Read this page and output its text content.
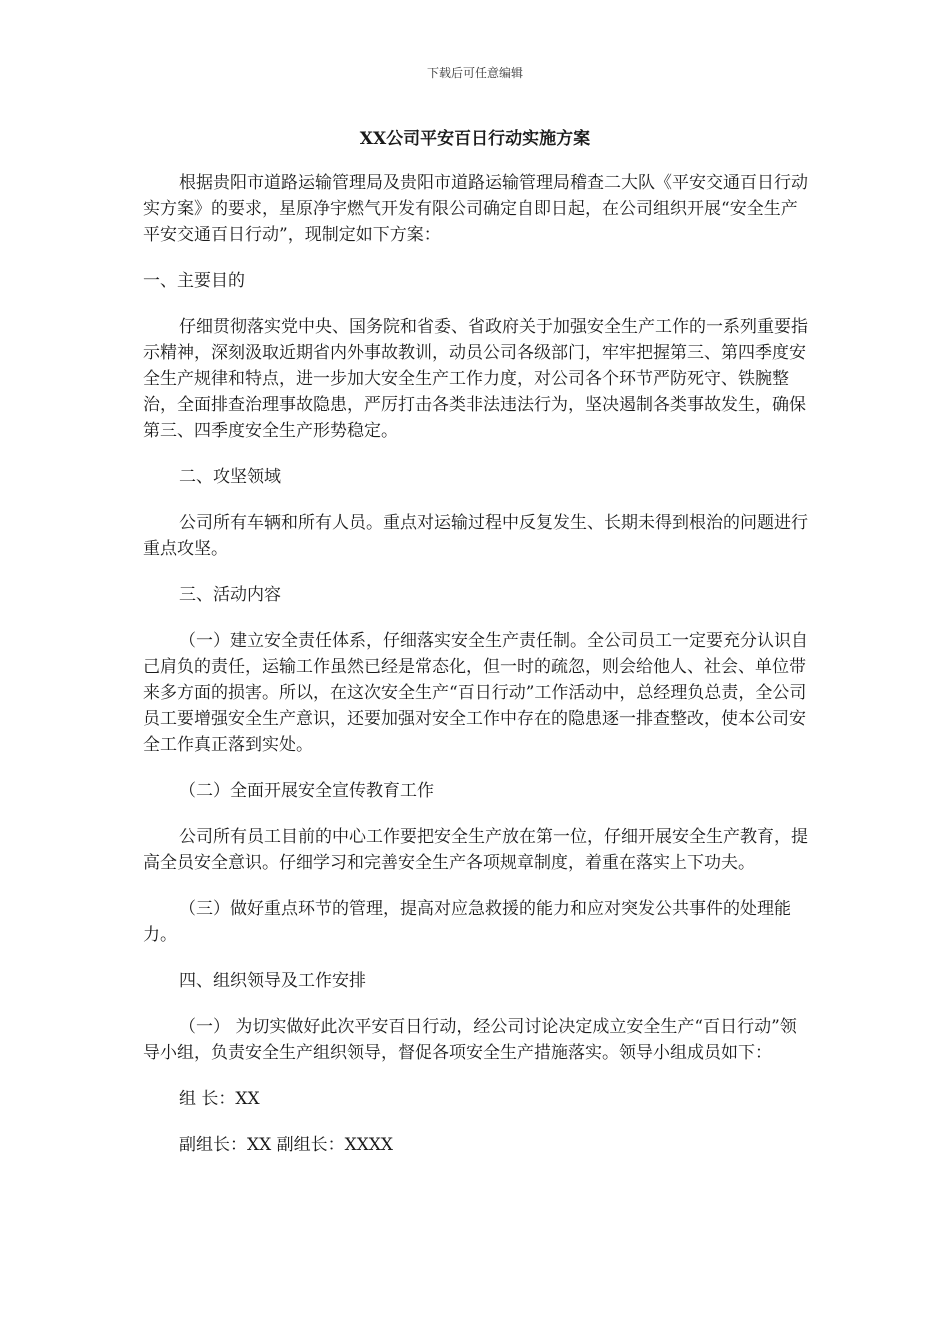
下载后可任意编辑
XX公司平安百日行动实施方案

根据贵阳市道路运输管理局及贵阳市道路运输管理局稽查二大队《平安交通百日行动实方案》的要求，星原净宇燃气开发有限公司确定自即日起，在公司组织开展“安全生产平安交通百日行动”，现制定如下方案：

一、主要目的

仔细贯彻落实党中央、国务院和省委、省政府关于加强安全生产工作的一系列重要指示精神，深刻汲取近期省内外事故教训，动员公司各级部门，牢牢把握第三、第四季度安全生产规律和特点，进一步加大安全生产工作力度，对公司各个环节严防死守、铁腕整治，全面排查治理事故隐患，严厉打击各类非法违法行为，坚决遏制各类事故发生，确保第三、四季度安全生产形势稳定。

二、攻坚领域

公司所有车辆和所有人员。重点对运输过程中反复发生、长期未得到根治的问题进行重点攻坚。

三、活动内容

（一）建立安全责任体系，仔细落实安全生产责任制。全公司员工一定要充分认识自己肩负的责任，运输工作虽然已经是常态化，但一时的疏忽，则会给他人、社会、单位带来多方面的损害。所以，在这次安全生产“百日行动”工作活动中，总经理负总责，全公司员工要增强安全生产意识，还要加强对安全工作中存在的隐患逐一排查整改，使本公司安全工作真正落到实处。

（二）全面开展安全宣传教育工作

公司所有员工目前的中心工作要把安全生产放在第一位，仔细开展安全生产教育，提高全员安全意识。仔细学习和完善安全生产各项规章制度，着重在落实上下功夫。

（三）做好重点环节的管理，提高对应急救援的能力和应对突发公共事件的处理能力。

四、组织领导及工作安排

（一） 为切实做好此次平安百日行动，经公司讨论决定成立安全生产“百日行动”领导小组，负责安全生产组织领导，督促各项安全生产措施落实。领导小组成员如下：

组 长：XX

副组长：XX 副组长：XXXX
